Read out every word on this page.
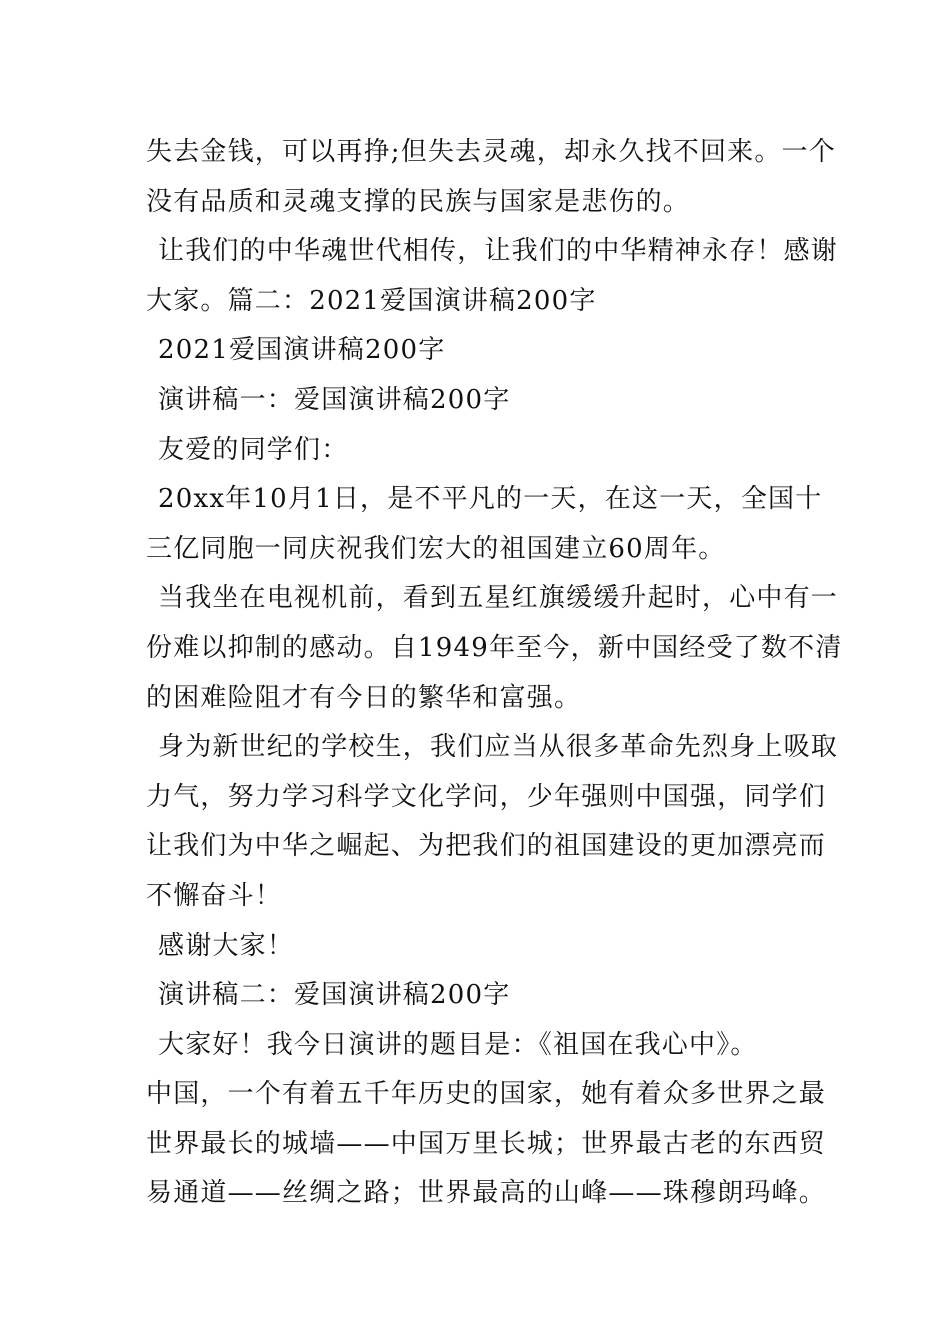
失去金钱，可以再挣;但失去灵魂，却永久找不回来。一个
没有品质和灵魂支撑的民族与国家是悲伤的。
让我们的中华魂世代相传，让我们的中华精神永存！感谢
大家。篇二：2021爱国演讲稿200字
2021爱国演讲稿200字
演讲稿一：爱国演讲稿200字
友爱的同学们：
20xx年10月1日，是不平凡的一天，在这一天，全国十
三亿同胞一同庆祝我们宏大的祖国建立60周年。
当我坐在电视机前，看到五星红旗缓缓升起时，心中有一
份难以抑制的感动。自1949年至今，新中国经受了数不清
的困难险阻才有今日的繁华和富强。
身为新世纪的学校生，我们应当从很多革命先烈身上吸取
力气，努力学习科学文化学问，少年强则中国强，同学们
让我们为中华之崛起、为把我们的祖国建设的更加漂亮而
不懈奋斗！
感谢大家！
演讲稿二：爱国演讲稿200字
大家好！我今日演讲的题目是：《祖国在我心中》。
中国，一个有着五千年历史的国家，她有着众多世界之最
世界最长的城墙——中国万里长城；世界最古老的东西贸
易通道——丝绸之路；世界最高的山峰——珠穆朗玛峰。
